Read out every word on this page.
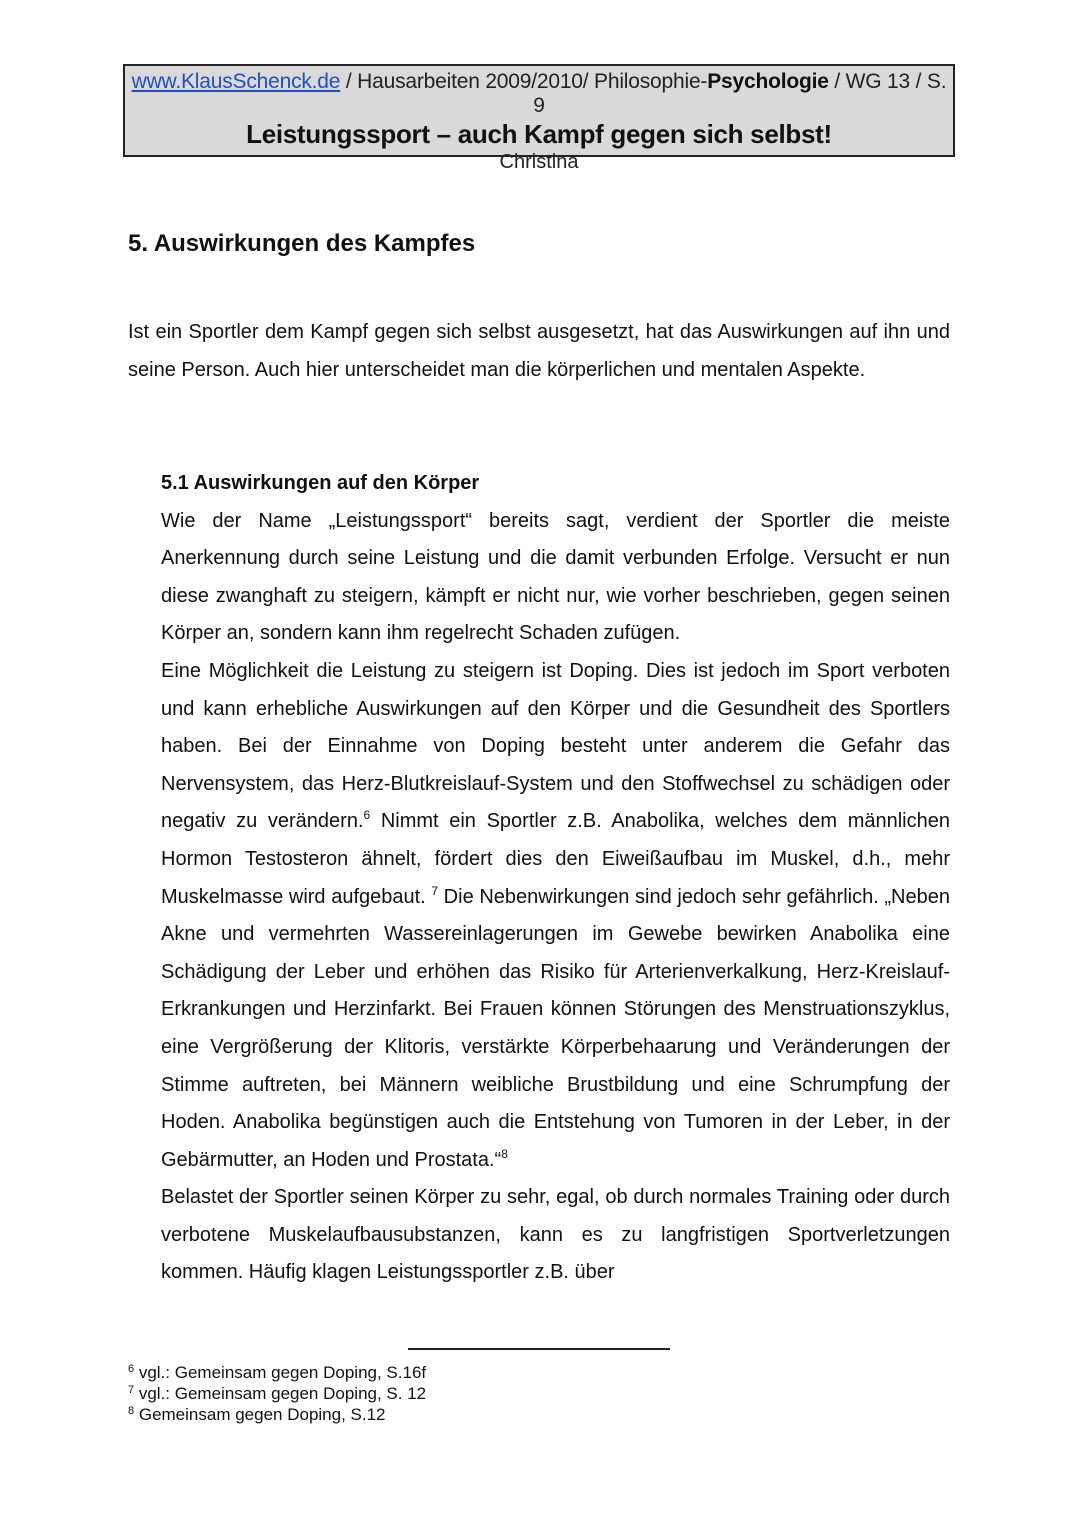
www.KlausSchenck.de / Hausarbeiten 2009/2010/ Philosophie-Psychologie / WG 13 / S. 9
Leistungssport – auch Kampf gegen sich selbst!
Christina
5. Auswirkungen des Kampfes

Ist ein Sportler dem Kampf gegen sich selbst ausgesetzt, hat das Auswirkungen auf ihn und seine Person. Auch hier unterscheidet man die körperlichen und mentalen Aspekte.

5.1 Auswirkungen auf den Körper

Wie der Name „Leistungssport“ bereits sagt, verdient der Sportler die meiste Anerkennung durch seine Leistung und die damit verbunden Erfolge. Versucht er nun diese zwanghaft zu steigern, kämpft er nicht nur, wie vorher beschrieben, gegen seinen Körper an, sondern kann ihm regelrecht Schaden zufügen.

Eine Möglichkeit die Leistung zu steigern ist Doping. Dies ist jedoch im Sport verboten und kann erhebliche Auswirkungen auf den Körper und die Gesundheit des Sportlers haben. Bei der Einnahme von Doping besteht unter anderem die Gefahr das Nervensystem, das Herz-Blutkreislauf-System und den Stoffwechsel zu schädigen oder negativ zu verändern.$^6$ Nimmt ein Sportler z.B. Anabolika, welches dem männlichen Hormon Testosteron ähnelt, fördert dies den Eiweißaufbau im Muskel, d.h., mehr Muskelmasse wird aufgebaut. $^7$ Die Nebenwirkungen sind jedoch sehr gefährlich. „Neben Akne und vermehrten Wassereinlagerungen im Gewebe bewirken Anabolika eine Schädigung der Leber und erhöhen das Risiko für Arterienverkalkung, Herz-Kreislauf-Erkrankungen und Herzinfarkt. Bei Frauen können Störungen des Menstruationszyklus, eine Vergrößerung der Klitoris, verstärkte Körperbehaarung und Veränderungen der Stimme auftreten, bei Männern weibliche Brustbildung und eine Schrumpfung der Hoden. Anabolika begünstigen auch die Entstehung von Tumoren in der Leber, in der Gebärmutter, an Hoden und Prostata.“$^8$

Belastet der Sportler seinen Körper zu sehr, egal, ob durch normales Training oder durch verbotene Muskelaufbausubstanzen, kann es zu langfristigen Sportverletzungen kommen. Häufig klagen Leistungssportler z.B. über

$^6$ vgl.: Gemeinsam gegen Doping, S.16f
$^7$ vgl.: Gemeinsam gegen Doping, S. 12
$^8$ Gemeinsam gegen Doping, S.12
